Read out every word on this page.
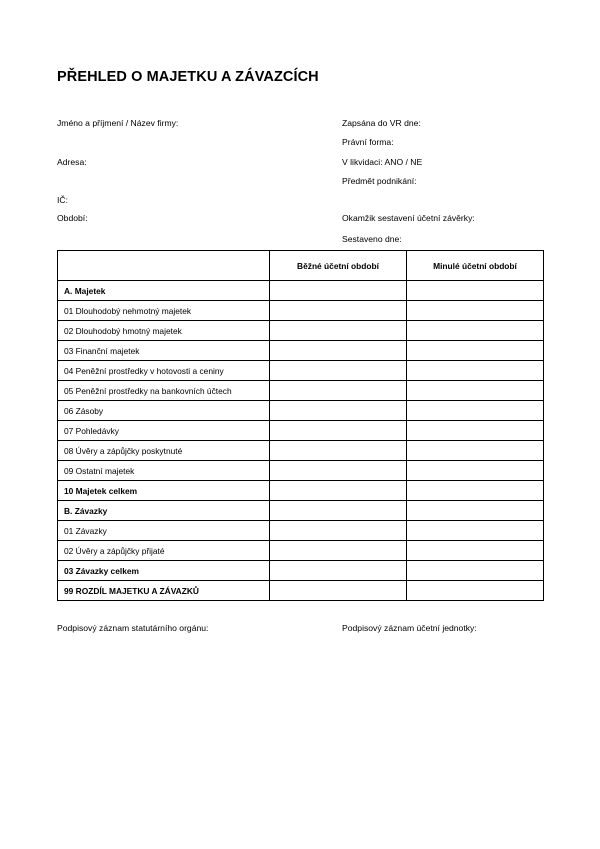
PŘEHLED O MAJETKU A ZÁVAZCÍCH
Jméno a příjmení / Název firmy:
Adresa:
IČ:
Období:
Zapsána do VR dne:
Právní forma:
V likvidaci: ANO / NE
Předmět podnikání:
Okamžik sestavení účetní závěrky:
Sestaveno dne:
	Běžné účetní období	Minulé účetní období
A. Majetek		
01 Dlouhodobý nehmotný majetek		
02 Dlouhodobý hmotný majetek		
03 Finanční majetek		
04 Peněžní prostředky v hotovosti a ceniny		
05 Peněžní prostředky na bankovních účtech		
06 Zásoby		
07 Pohledávky		
08 Úvěry a zápůjčky poskytnuté		
09 Ostatní majetek		
10 Majetek celkem		
B. Závazky		
01 Závazky		
02 Úvěry a zápůjčky přijaté		
03 Závazky celkem		
99 ROZDÍL MAJETKU A ZÁVAZKŮ		
Podpisový záznam statutárního orgánu:	Podpisový záznam účetní jednotky:
